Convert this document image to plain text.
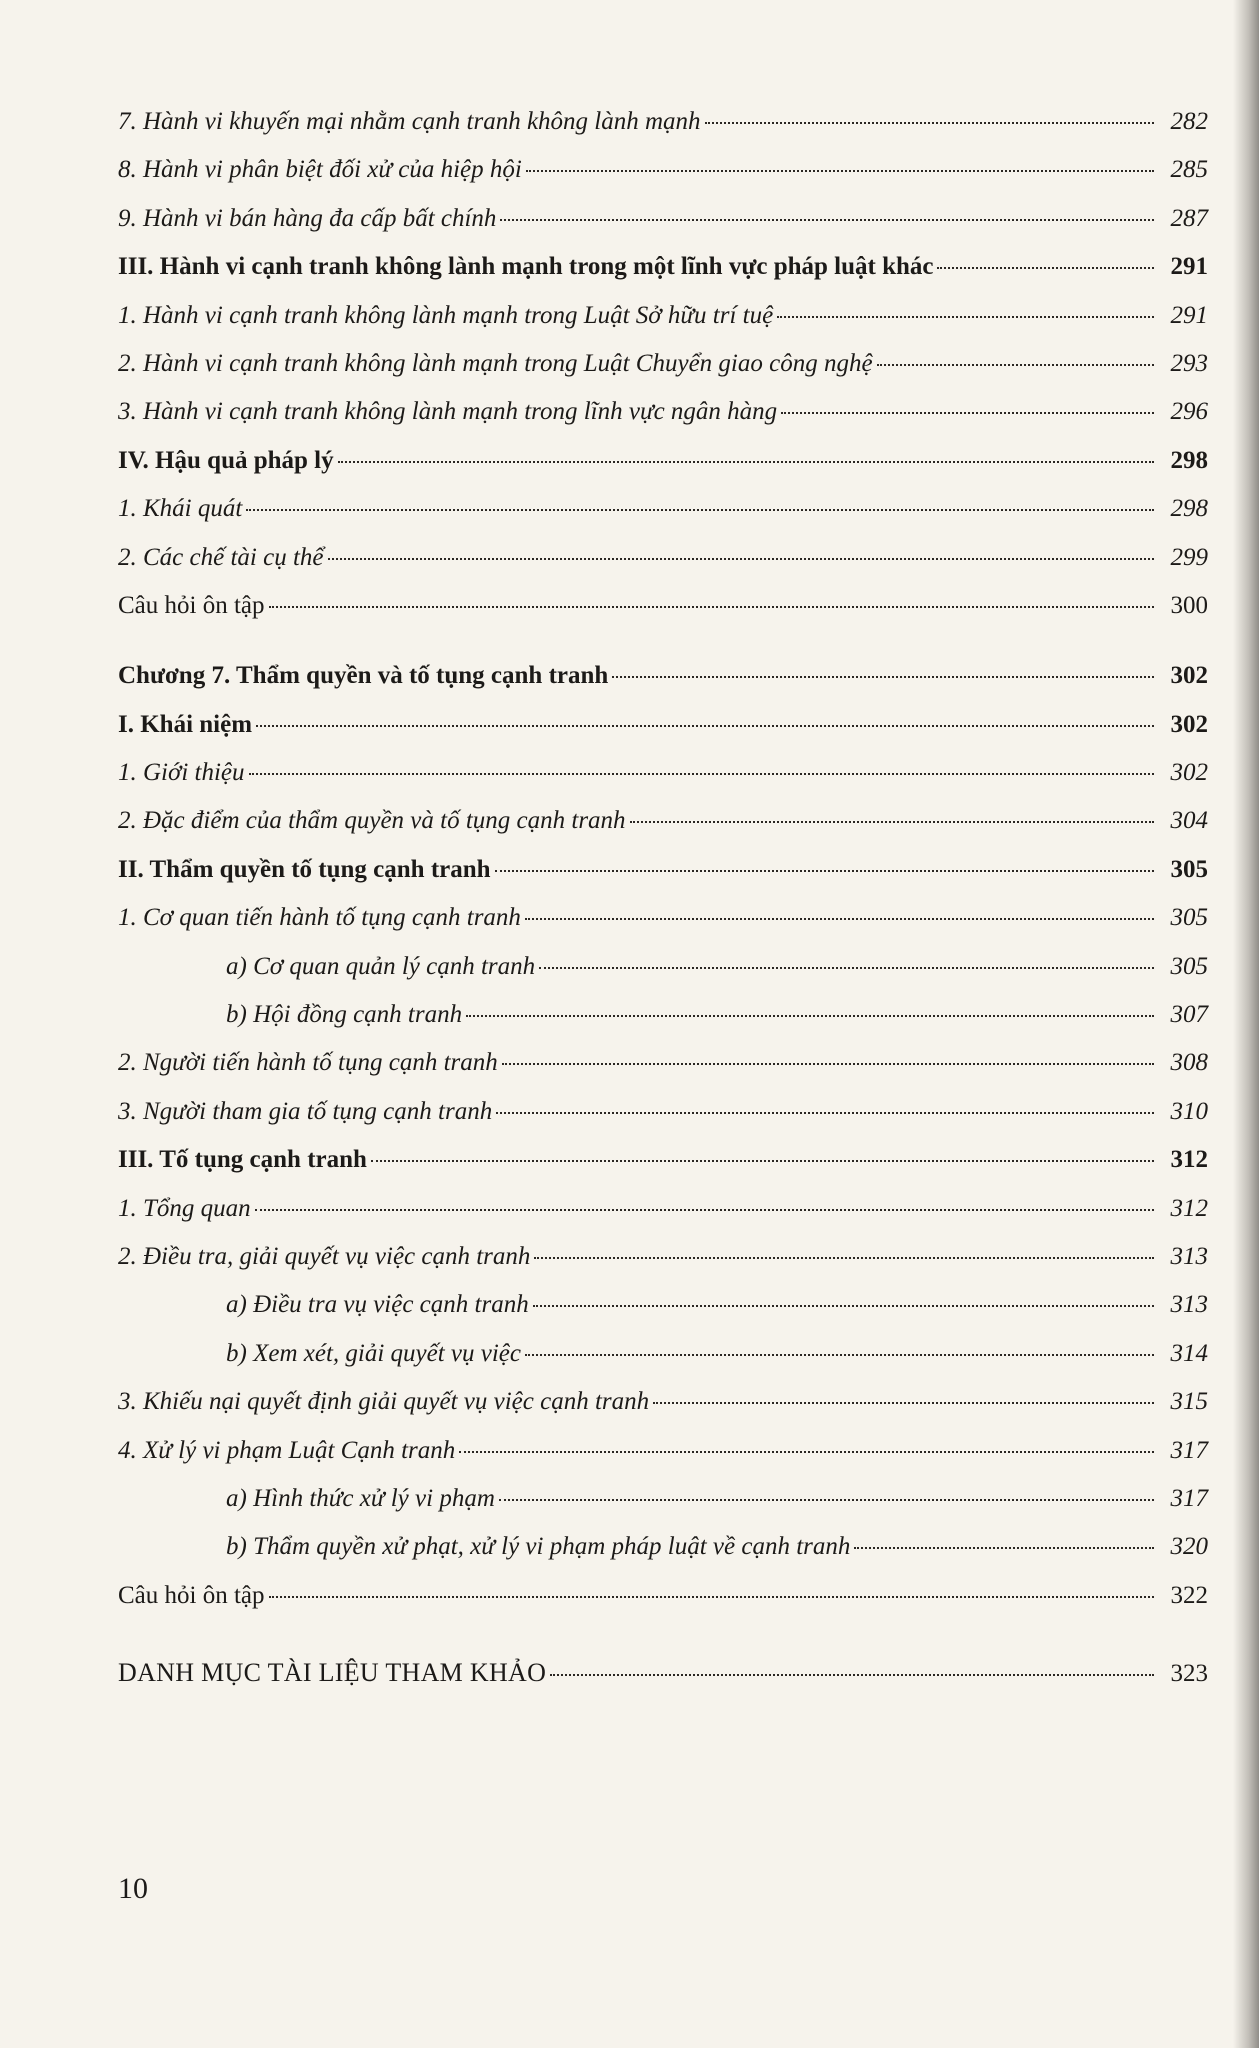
7. Hành vi khuyến mại nhằm cạnh tranh không lành mạnh	282
8. Hành vi phân biệt đối xử của hiệp hội	285
9. Hành vi bán hàng đa cấp bất chính	287
III. Hành vi cạnh tranh không lành mạnh trong một lĩnh vực pháp luật khác	291
1. Hành vi cạnh tranh không lành mạnh trong Luật Sở hữu trí tuệ	291
2. Hành vi cạnh tranh không lành mạnh trong Luật Chuyển giao công nghệ	293
3. Hành vi cạnh tranh không lành mạnh trong lĩnh vực ngân hàng	296
IV. Hậu quả pháp lý	298
1. Khái quát	298
2. Các chế tài cụ thể	299
Câu hỏi ôn tập	300
Chương 7. Thẩm quyền và tố tụng cạnh tranh	302
I. Khái niệm	302
1. Giới thiệu	302
2. Đặc điểm của thẩm quyền và tố tụng cạnh tranh	304
II. Thẩm quyền tố tụng cạnh tranh	305
1. Cơ quan tiến hành tố tụng cạnh tranh	305
a) Cơ quan quản lý cạnh tranh	305
b) Hội đồng cạnh tranh	307
2. Người tiến hành tố tụng cạnh tranh	308
3. Người tham gia tố tụng cạnh tranh	310
III. Tố tụng cạnh tranh	312
1. Tổng quan	312
2. Điều tra, giải quyết vụ việc cạnh tranh	313
a) Điều tra vụ việc cạnh tranh	313
b) Xem xét, giải quyết vụ việc	314
3. Khiếu nại quyết định giải quyết vụ việc cạnh tranh	315
4. Xử lý vi phạm Luật Cạnh tranh	317
a) Hình thức xử lý vi phạm	317
b) Thẩm quyền xử phạt, xử lý vi phạm pháp luật về cạnh tranh	320
Câu hỏi ôn tập	322
DANH MỤC TÀI LIỆU THAM KHẢO	323
10
